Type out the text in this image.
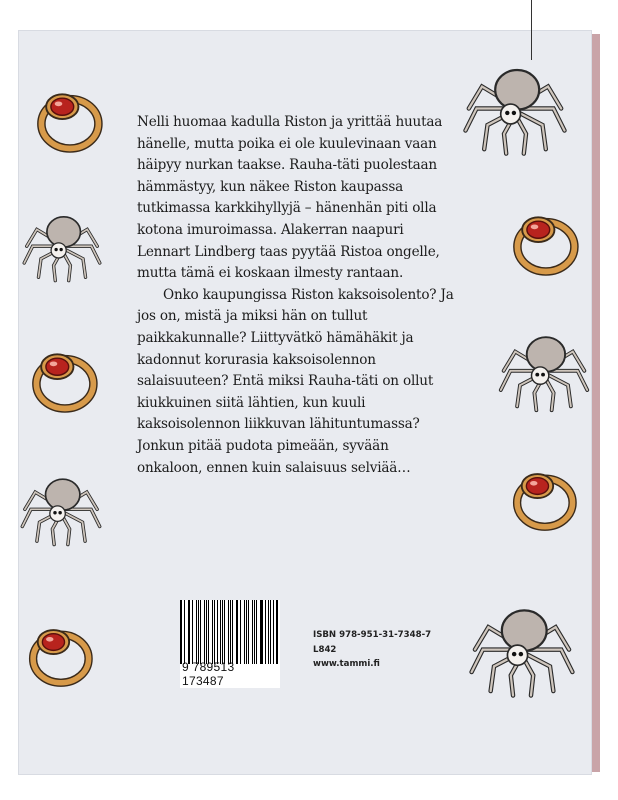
Nelli huomaa kadulla Riston ja yrittää huutaa hänelle, mutta poika ei ole kuulevinaan vaan häipyy nurkan taakse. Rauha-täti puolestaan hämmästyy, kun näkee Riston kaupassa tutkimassa karkkihyllyjä – hänenhän piti olla kotona imuroimassa. Alakerran naapuri Lennart Lindberg taas pyytää Ristoa ongelle, mutta tämä ei koskaan ilmesty rantaan.

Onko kaupungissa Riston kaksoisolento? Ja jos on, mistä ja miksi hän on tullut paikkakunnalle? Liittyvätkö hämähäkit ja kadonnut korurasia kaksoisolennon salaisuuteen? Entä miksi Rauha-täti on ollut kiukkuinen siitä lähtien, kun kuuli kaksoisolennon liikkuvan lähituntumassa? Jonkun pitää pudota pimeään, syvään onkaloon, ennen kuin salaisuus selviää…

9 789513 173487
ISBN 978-951-31-7348-7
L842
www.tammi.fi
